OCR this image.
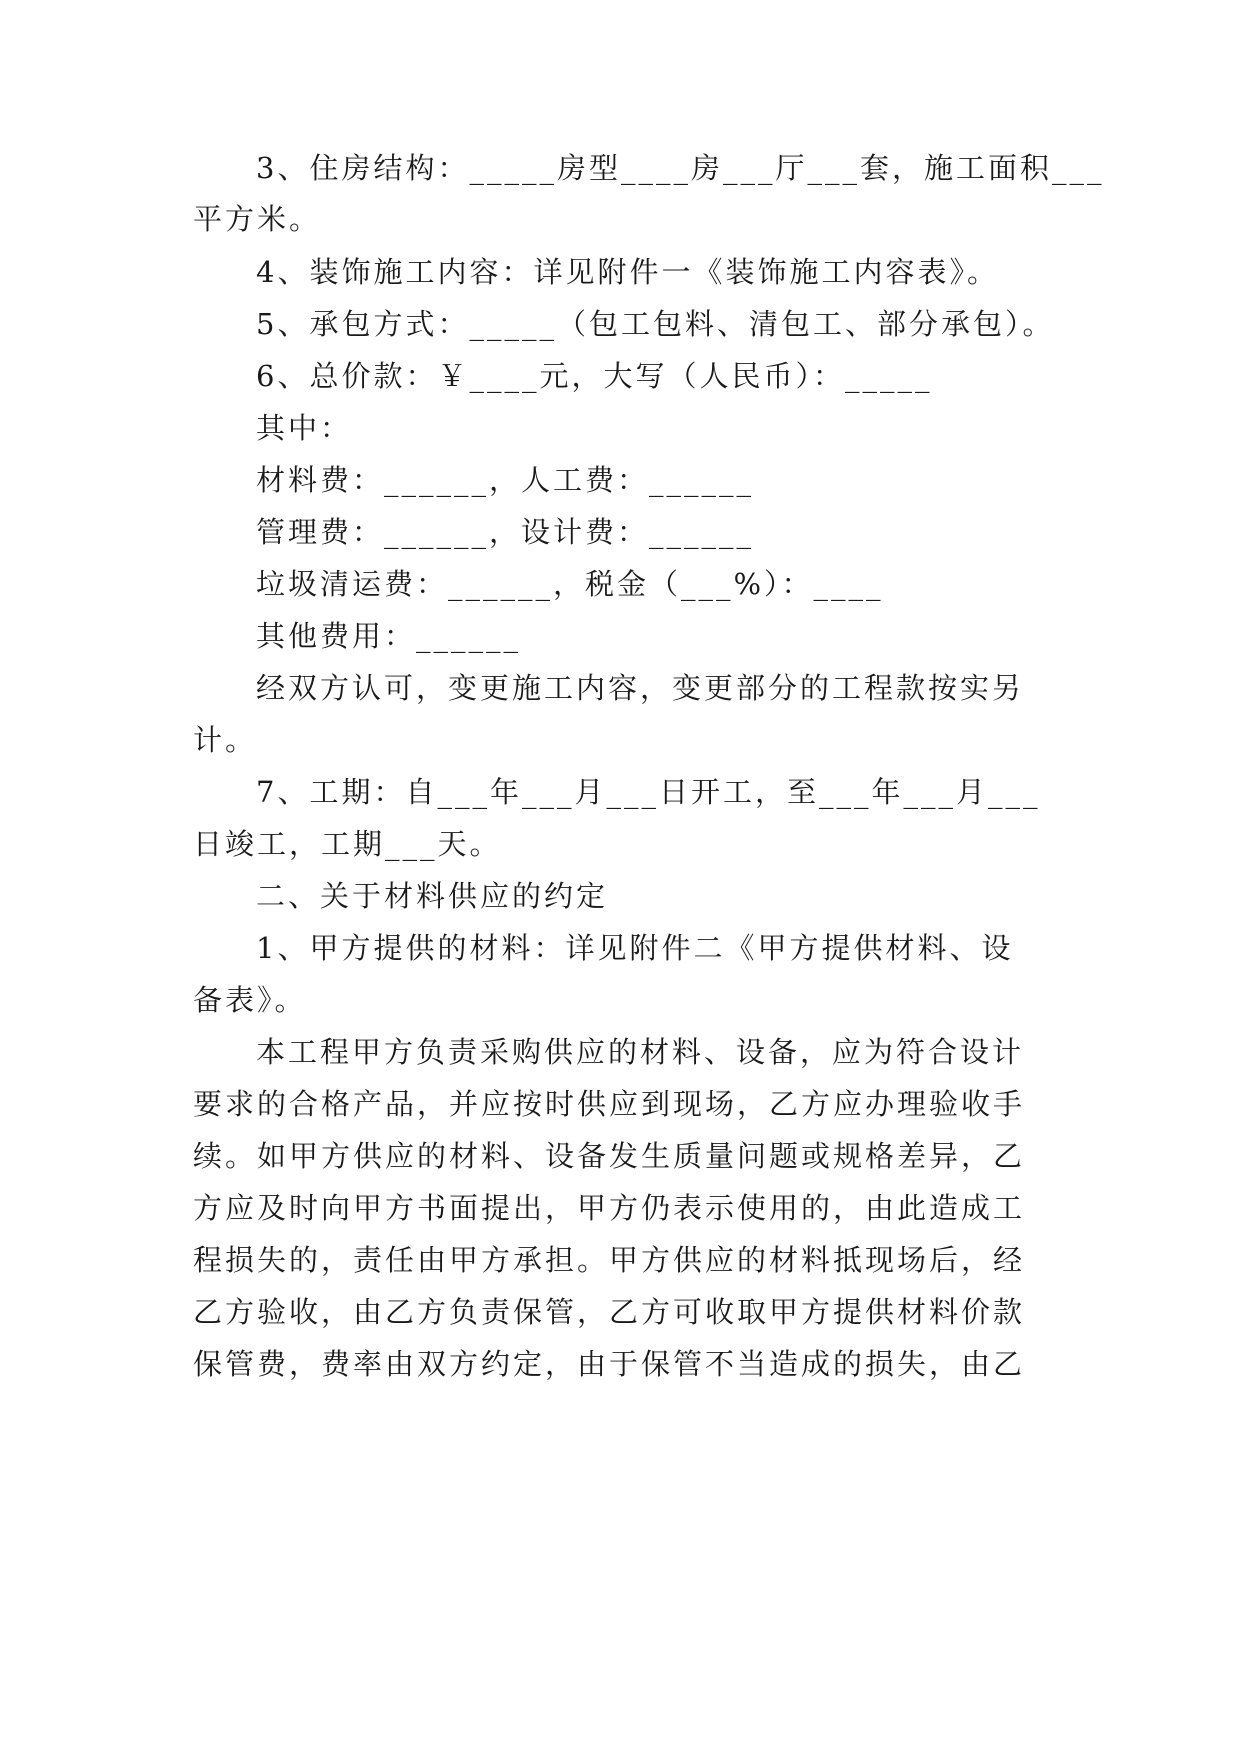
3、住房结构：_____房型____房___厅___套，施工面积___
平方米。
4、装饰施工内容：详见附件一《装饰施工内容表》。
5、承包方式：_____（包工包料、清包工、部分承包）。
6、总价款：￥____元，大写（人民币）：_____
其中：
材料费：______，人工费：______
管理费：______，设计费：______
垃圾清运费：______，税金（___%）：____
其他费用：______
经双方认可，变更施工内容，变更部分的工程款按实另
计。
7、工期：自___年___月___日开工，至___年___月___
日竣工，工期___天。
二、关于材料供应的约定
1、甲方提供的材料：详见附件二《甲方提供材料、设
备表》。
本工程甲方负责采购供应的材料、设备，应为符合设计
要求的合格产品，并应按时供应到现场，乙方应办理验收手
续。如甲方供应的材料、设备发生质量问题或规格差异，乙
方应及时向甲方书面提出，甲方仍表示使用的，由此造成工
程损失的，责任由甲方承担。甲方供应的材料抵现场后，经
乙方验收，由乙方负责保管，乙方可收取甲方提供材料价款
保管费，费率由双方约定，由于保管不当造成的损失，由乙
